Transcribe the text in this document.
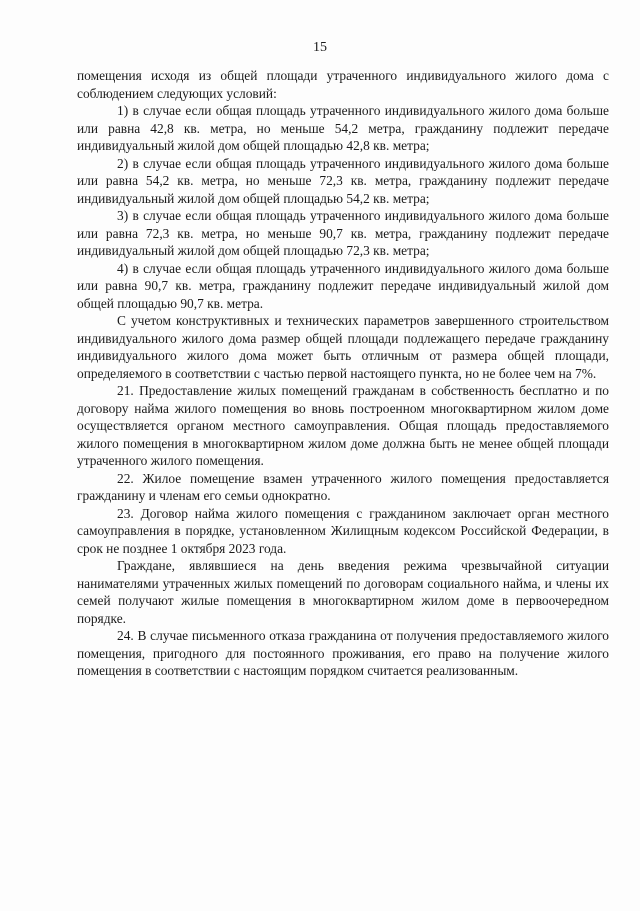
15

помещения исходя из общей площади утраченного индивидуального жилого дома с соблюдением следующих условий:

1) в случае если общая площадь утраченного индивидуального жилого дома больше или равна 42,8 кв. метра, но меньше 54,2 метра, гражданину подлежит передаче индивидуальный жилой дом общей площадью 42,8 кв. метра;

2) в случае если общая площадь утраченного индивидуального жилого дома больше или равна 54,2 кв. метра, но меньше 72,3 кв. метра, гражданину подлежит передаче индивидуальный жилой дом общей площадью 54,2 кв. метра;

3) в случае если общая площадь утраченного индивидуального жилого дома больше или равна 72,3 кв. метра, но меньше 90,7 кв. метра, гражданину подлежит передаче индивидуальный жилой дом общей площадью 72,3 кв. метра;

4) в случае если общая площадь утраченного индивидуального жилого дома больше или равна 90,7 кв. метра, гражданину подлежит передаче индивидуальный жилой дом общей площадью 90,7 кв. метра.

С учетом конструктивных и технических параметров завершенного строительством индивидуального жилого дома размер общей площади подлежащего передаче гражданину индивидуального жилого дома может быть отличным от размера общей площади, определяемого в соответствии с частью первой настоящего пункта, но не более чем на 7%.

21. Предоставление жилых помещений гражданам в собственность бесплатно и по договору найма жилого помещения во вновь построенном многоквартирном жилом доме осуществляется органом местного самоуправления. Общая площадь предоставляемого жилого помещения в многоквартирном жилом доме должна быть не менее общей площади утраченного жилого помещения.

22. Жилое помещение взамен утраченного жилого помещения предоставляется гражданину и членам его семьи однократно.

23. Договор найма жилого помещения с гражданином заключает орган местного самоуправления в порядке, установленном Жилищным кодексом Российской Федерации, в срок не позднее 1 октября 2023 года.

Граждане, являвшиеся на день введения режима чрезвычайной ситуации нанимателями утраченных жилых помещений по договорам социального найма, и члены их семей получают жилые помещения в многоквартирном жилом доме в первоочередном порядке.

24. В случае письменного отказа гражданина от получения предоставляемого жилого помещения, пригодного для постоянного проживания, его право на получение жилого помещения в соответствии с настоящим порядком считается реализованным.
